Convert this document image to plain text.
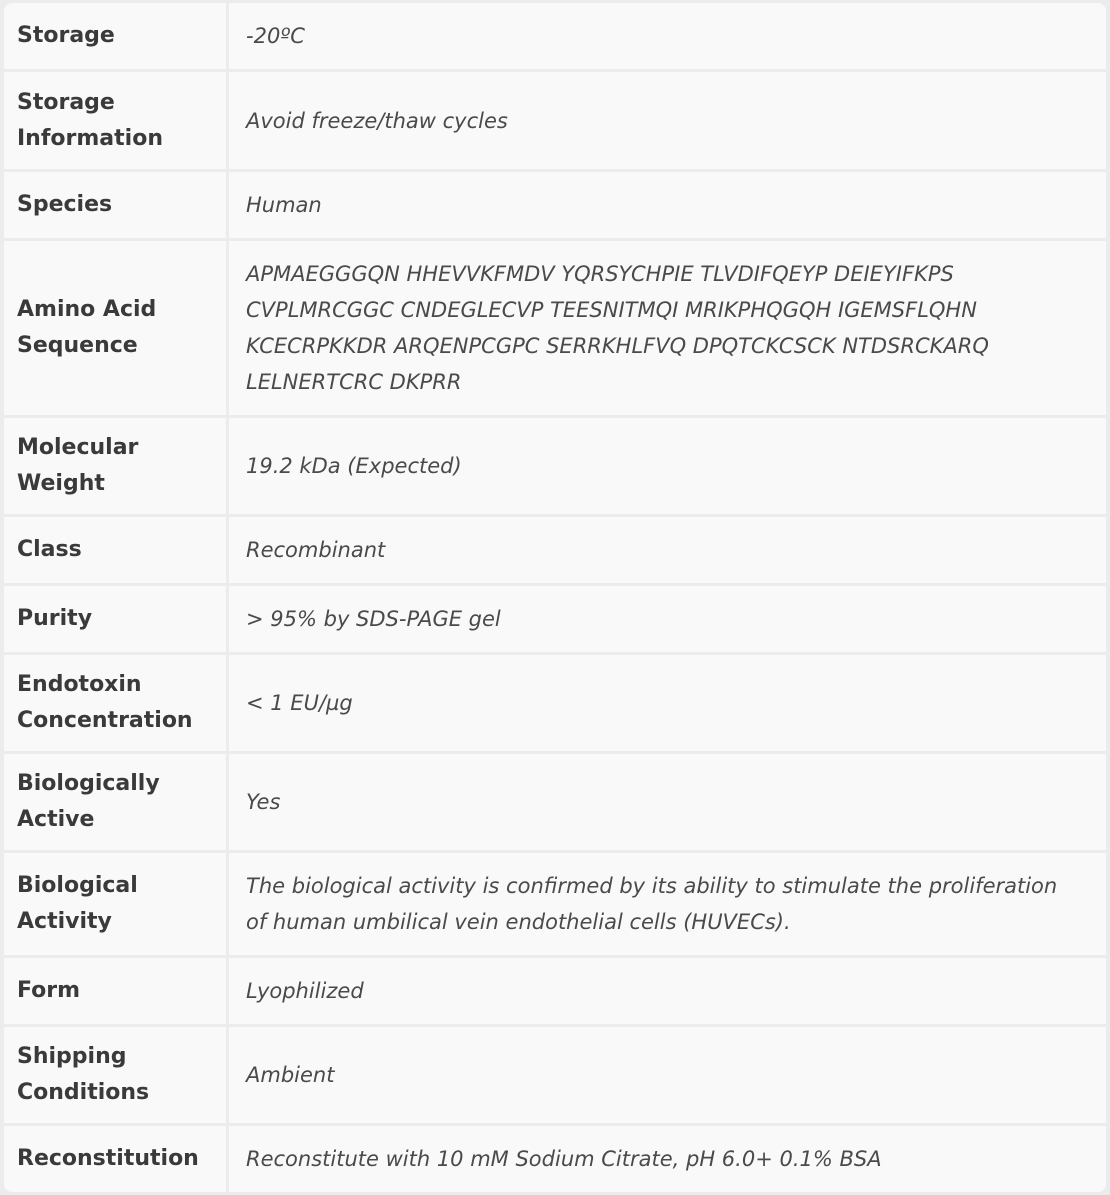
Storage	-20ºC

Storage Information	Avoid freeze/thaw cycles

Species	Human

Amino Acid Sequence	APMAEGGGQN HHEVVKFMDV YQRSYCHPIE TLVDIFQEYP DEIEYIFKPS CVPLMRCGGC CNDEGLECVP TEESNITMQI MRIKPHQGQH IGEMSFLQHN KCECRPKKDR ARQENPCGPC SERRKHLFVQ DPQTCKCSCK NTDSRCKARQ LELNERTCRC DKPRR

Molecular Weight	19.2 kDa (Expected)

Class	Recombinant

Purity	> 95% by SDS-PAGE gel

Endotoxin Concentration	< 1 EU/µg

Biologically Active	Yes

Biological Activity	The biological activity is confirmed by its ability to stimulate the proliferation of human umbilical vein endothelial cells (HUVECs).

Form	Lyophilized

Shipping Conditions	Ambient

Reconstitution	Reconstitute with 10 mM Sodium Citrate, pH 6.0+ 0.1% BSA
